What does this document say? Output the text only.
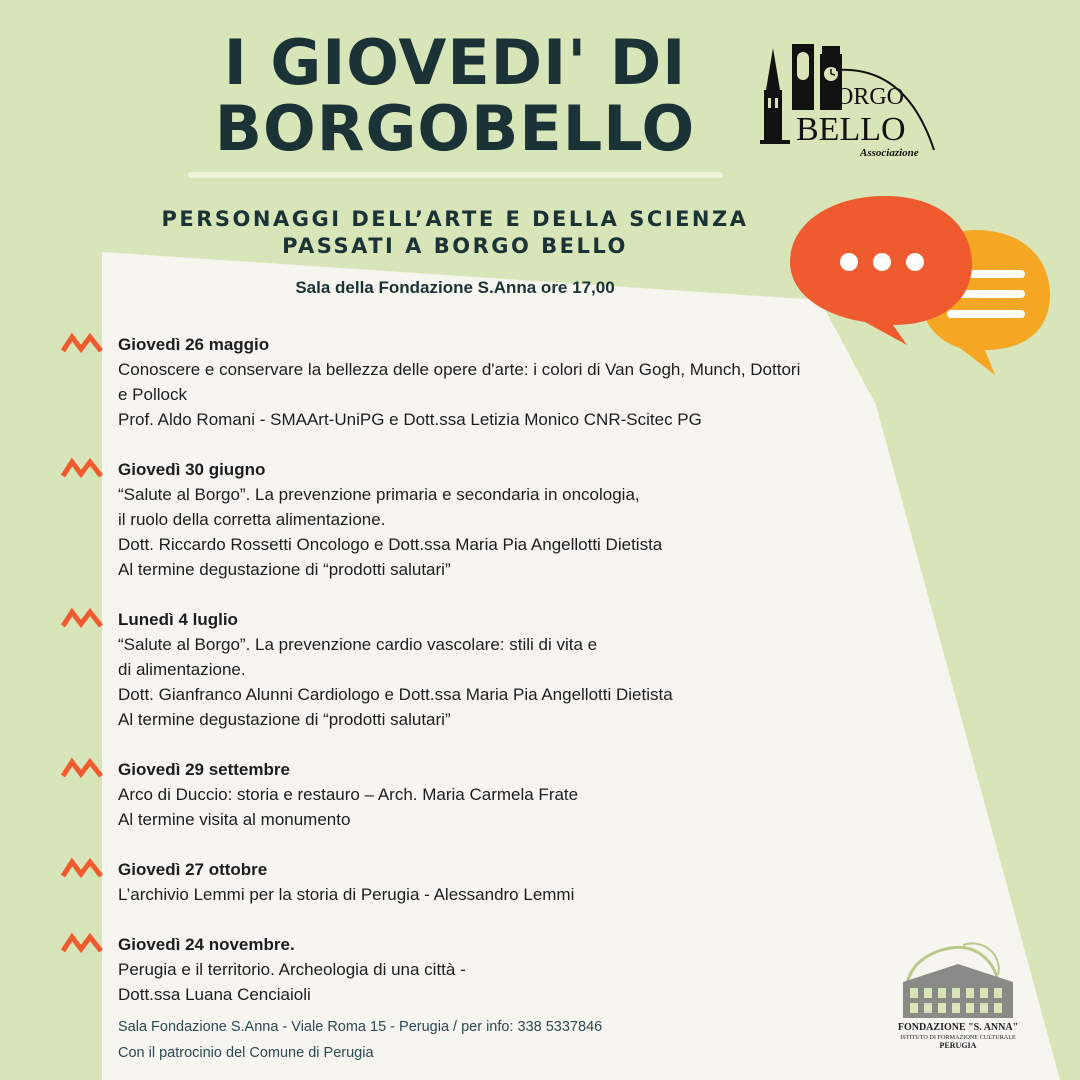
I GIOVEDI' DI
BORGOBELLO	BORGO
BELLO
Associazione
PERSONAGGI DELL’ARTE E DELLA SCIENZA
PASSATI A BORGO BELLO
Sala della Fondazione S.Anna ore 17,00
Giovedì 26 maggio
Conoscere e conservare la bellezza delle opere d'arte: i colori di Van Gogh, Munch, Dottori
e Pollock
Prof. Aldo Romani - SMAArt-UniPG e Dott.ssa Letizia Monico CNR-Scitec PG
Giovedì 30 giugno
“Salute al Borgo”. La prevenzione primaria e secondaria in oncologia,
il ruolo della corretta alimentazione.
Dott. Riccardo Rossetti Oncologo e Dott.ssa Maria Pia Angellotti Dietista
Al termine degustazione di “prodotti salutari”
Lunedì 4 luglio
“Salute al Borgo”. La prevenzione cardio vascolare: stili di vita e
di alimentazione.
Dott. Gianfranco Alunni Cardiologo e Dott.ssa Maria Pia Angellotti Dietista
Al termine degustazione di “prodotti salutari”
Giovedì 29 settembre
Arco di Duccio: storia e restauro – Arch. Maria Carmela Frate
Al termine visita al monumento
Giovedì 27 ottobre
L’archivio Lemmi per la storia di Perugia - Alessandro Lemmi
Giovedì 24 novembre.
Perugia e il territorio. Archeologia di una città -
Dott.ssa Luana Cenciaioli
Sala Fondazione S.Anna - Viale Roma 15 - Perugia / per info: 338 5337846
Con il patrocinio del Comune di Perugia
FONDAZIONE "S. ANNA"
ISTITUTO DI FORMAZIONE CULTURALE
PERUGIA
